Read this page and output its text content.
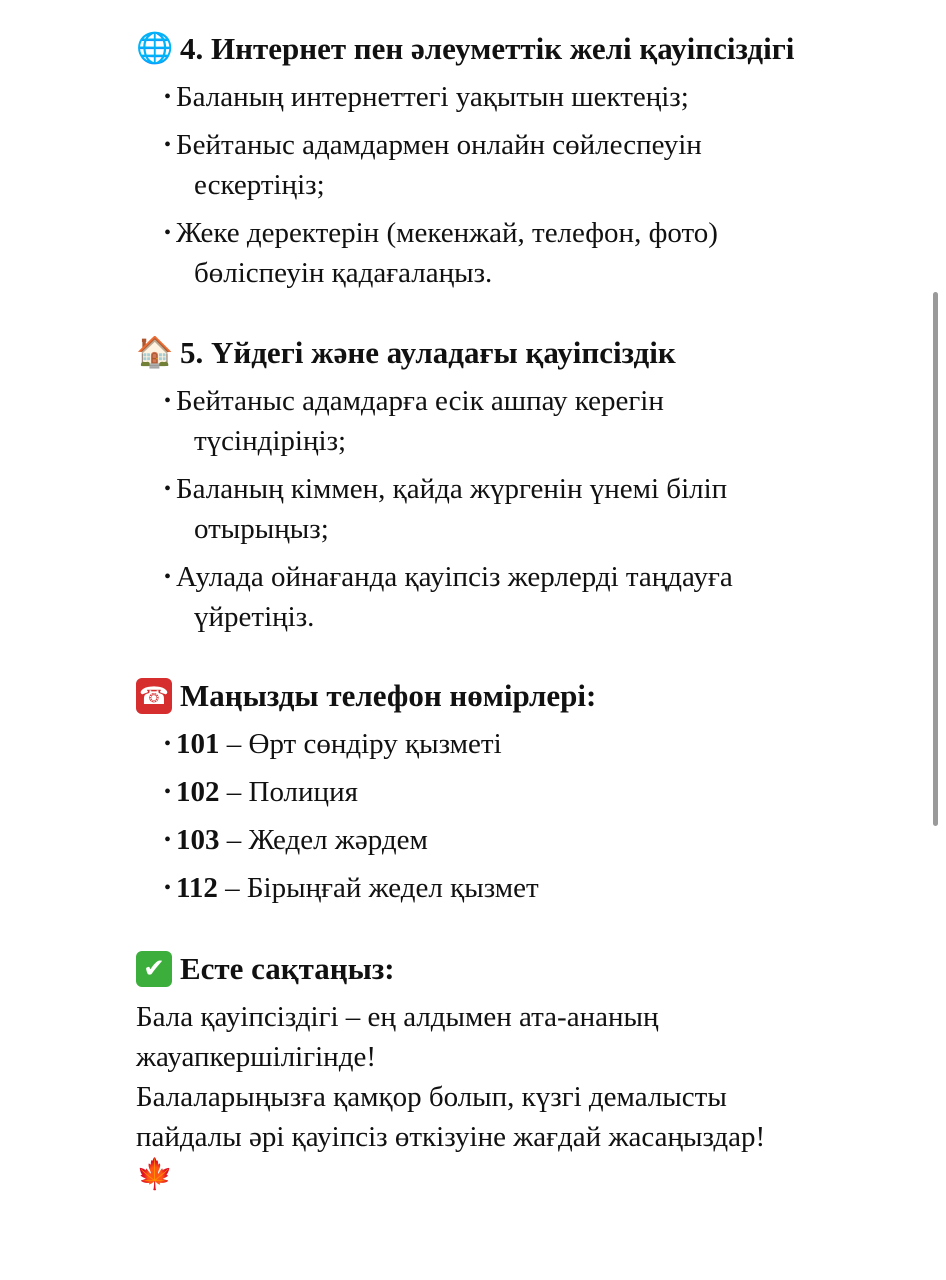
🌐 4. Интернет пен әлеуметтік желі қауіпсіздігі
• Баланың интернеттегі уақытын шектеңіз;
• Бейтаныс адамдармен онлайн сөйлеспеуін
ескертіңіз;
• Жеке деректерін (мекенжай, телефон, фото)
бөліспеуін қадағалаңыз.
🏠 5. Үйдегі және ауладағы қауіпсіздік
• Бейтаныс адамдарға есік ашпау керегін
түсіндіріңіз;
• Баланың кіммен, қайда жүргенін үнемі біліп
отырыңыз;
• Аулада ойнағанда қауіпсіз жерлерді таңдауға
үйретіңіз.
☎ Маңызды телефон нөмірлері:
• 101 – Өрт сөндіру қызметі
• 102 – Полиция
• 103 – Жедел жәрдем
• 112 – Бірыңғай жедел қызмет
✔ Есте сақтаңыз:
Бала қауіпсіздігі – ең алдымен ата-ананың
жауапкершілігінде!
Балаларыңызға қамқор болып, күзгі демалысты
пайдалы әрі қауіпсіз өткізуіне жағдай жасаңыздар!
🍁
